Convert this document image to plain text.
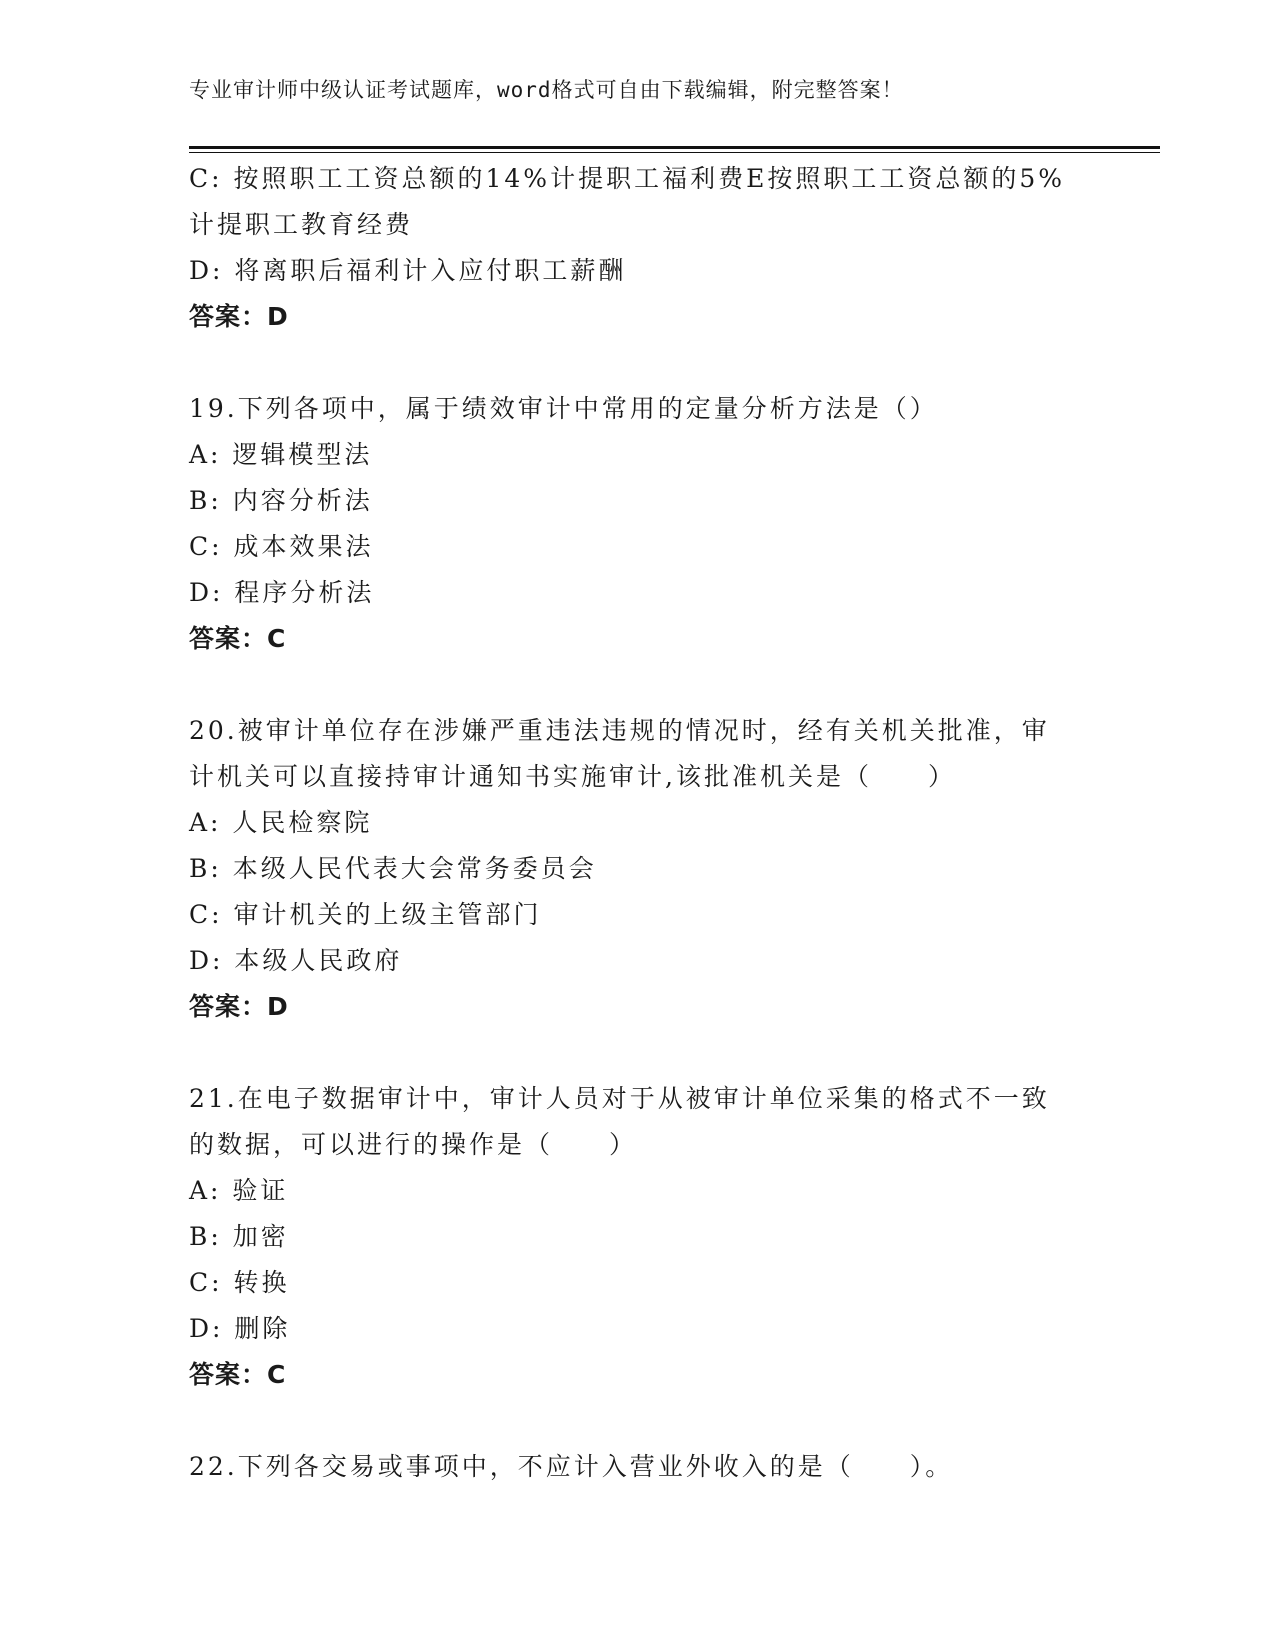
专业审计师中级认证考试题库，word格式可自由下载编辑，附完整答案！

C: 按照职工工资总额的14%计提职工福利费E按照职工工资总额的5%

计提职工教育经费

D: 将离职后福利计入应付职工薪酬

答案：D

19.下列各项中，属于绩效审计中常用的定量分析方法是（）

A: 逻辑模型法

B: 内容分析法

C: 成本效果法

D: 程序分析法

答案：C

20.被审计单位存在涉嫌严重违法违规的情况时，经有关机关批准，审

计机关可以直接持审计通知书实施审计,该批准机关是（　　）

A: 人民检察院

B: 本级人民代表大会常务委员会

C: 审计机关的上级主管部门

D: 本级人民政府

答案：D

21.在电子数据审计中，审计人员对于从被审计单位采集的格式不一致

的数据，可以进行的操作是（　　）

A: 验证

B: 加密

C: 转换

D: 删除

答案：C

22.下列各交易或事项中，不应计入营业外收入的是（　　）。
